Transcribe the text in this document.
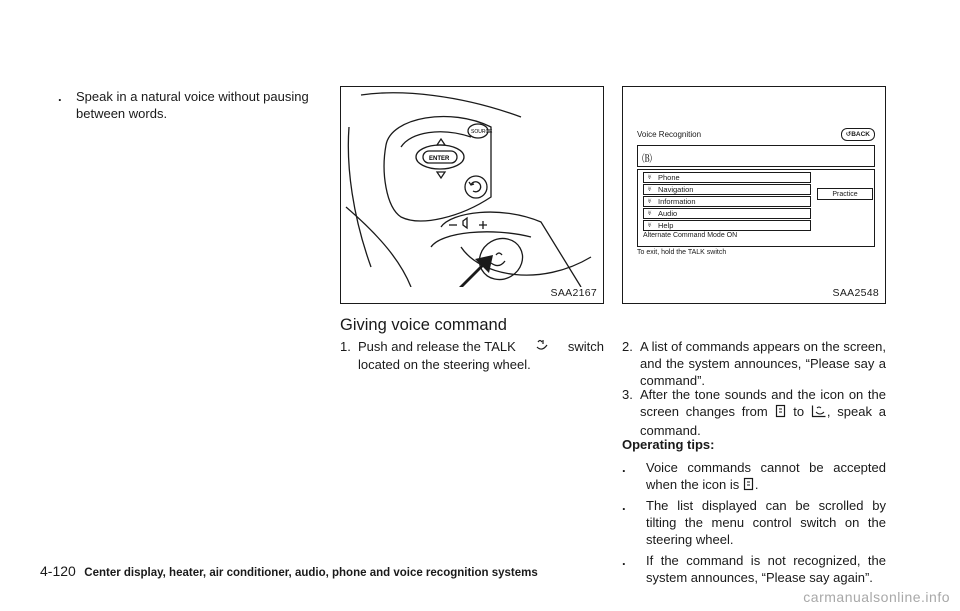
. Speak in a natural voice without pausing between words.
SOURCE
ENTER
SAA2167
Voice Recognition	↺BACK
🄑
♅ Phone
♅ Navigation
♅ Information
♅ Audio
♅ Help
Practice
Alternate Command Mode ON
To exit, hold the TALK switch
SAA2548
Giving voice command
1. Push and release the TALK	switch
located on the steering wheel.
2. A list of commands appears on the screen, and the system announces, “Please say a command”.
3. After the tone sounds and the icon on the screen changes from to , speak a command.
Operating tips:
. Voice commands cannot be accepted when the icon is .
. The list displayed can be scrolled by tilting the menu control switch on the steering wheel.
. If the command is not recognized, the system announces, “Please say again”.
4-120 Center display, heater, air conditioner, audio, phone and voice recognition systems
carmanualsonline.info
